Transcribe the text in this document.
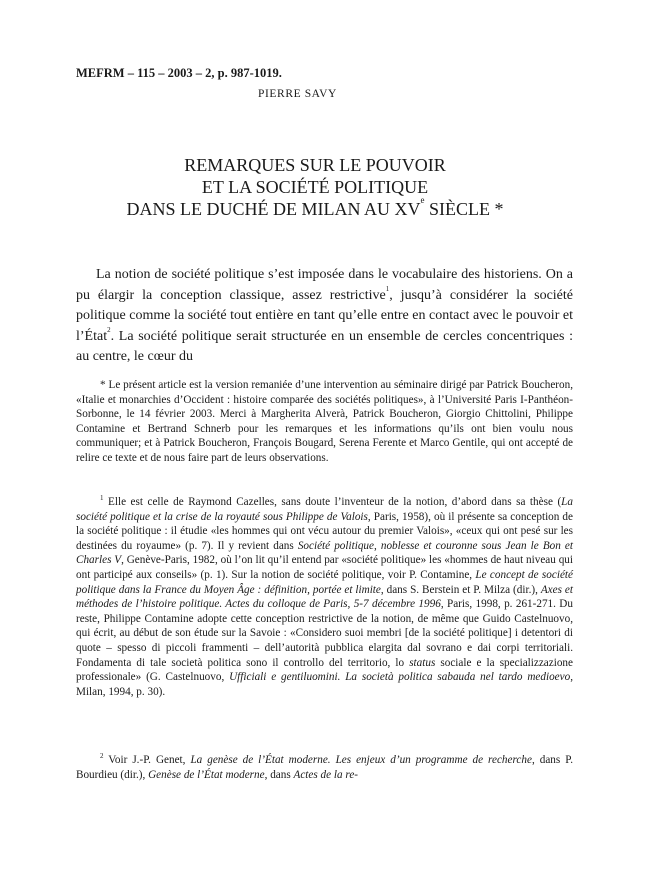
MEFRM – 115 – 2003 – 2, p. 987-1019.
PIERRE SAVY
REMARQUES SUR LE POUVOIR
ET LA SOCIÉTÉ POLITIQUE
DANS LE DUCHÉ DE MILAN AU XVe SIÈCLE *
La notion de société politique s’est imposée dans le vocabulaire des historiens. On a pu élargir la conception classique, assez restrictive$^1$, jusqu’à considérer la société politique comme la société tout entière en tant qu’elle entre en contact avec le pouvoir et l’État$^2$. La société politique serait structurée en un ensemble de cercles concentriques : au centre, le cœur du
* Le présent article est la version remaniée d’une intervention au séminaire dirigé par Patrick Boucheron, «Italie et monarchies d’Occident : histoire comparée des sociétés politiques», à l’Université Paris I-Panthéon-Sorbonne, le 14 février 2003. Merci à Margherita Alverà, Patrick Boucheron, Giorgio Chittolini, Philippe Contamine et Bertrand Schnerb pour les remarques et les informations qu’ils ont bien voulu nous communiquer; et à Patrick Boucheron, François Bougard, Serena Ferente et Marco Gentile, qui ont accepté de relire ce texte et de nous faire part de leurs observations.
$^1$ Elle est celle de Raymond Cazelles, sans doute l’inventeur de la notion, d’abord dans sa thèse (La société politique et la crise de la royauté sous Philippe de Valois, Paris, 1958), où il présente sa conception de la société politique : il étudie «les hommes qui ont vécu autour du premier Valois», «ceux qui ont pesé sur les destinées du royaume» (p. 7). Il y revient dans Société politique, noblesse et couronne sous Jean le Bon et Charles V, Genève-Paris, 1982, où l’on lit qu’il entend par «société politique» les «hommes de haut niveau qui ont participé aux conseils» (p. 1). Sur la notion de société politique, voir P. Contamine, Le concept de société politique dans la France du Moyen Âge : définition, portée et limite, dans S. Berstein et P. Milza (dir.), Axes et méthodes de l’histoire politique. Actes du colloque de Paris, 5-7 décembre 1996, Paris, 1998, p. 261-271. Du reste, Philippe Contamine adopte cette conception restrictive de la notion, de même que Guido Castelnuovo, qui écrit, au début de son étude sur la Savoie : «Considero suoi membri [de la société politique] i detentori di quote – spesso di piccoli frammenti – dell’autorità pubblica elargita dal sovrano e dai corpi territoriali. Fondamenta di tale società politica sono il controllo del territorio, lo status sociale e la specializzazione professionale» (G. Castelnuovo, Ufficiali e gentiluomini. La società politica sabauda nel tardo medioevo, Milan, 1994, p. 30).
$^2$ Voir J.-P. Genet, La genèse de l’État moderne. Les enjeux d’un programme de recherche, dans P. Bourdieu (dir.), Genèse de l’État moderne, dans Actes de la re-
